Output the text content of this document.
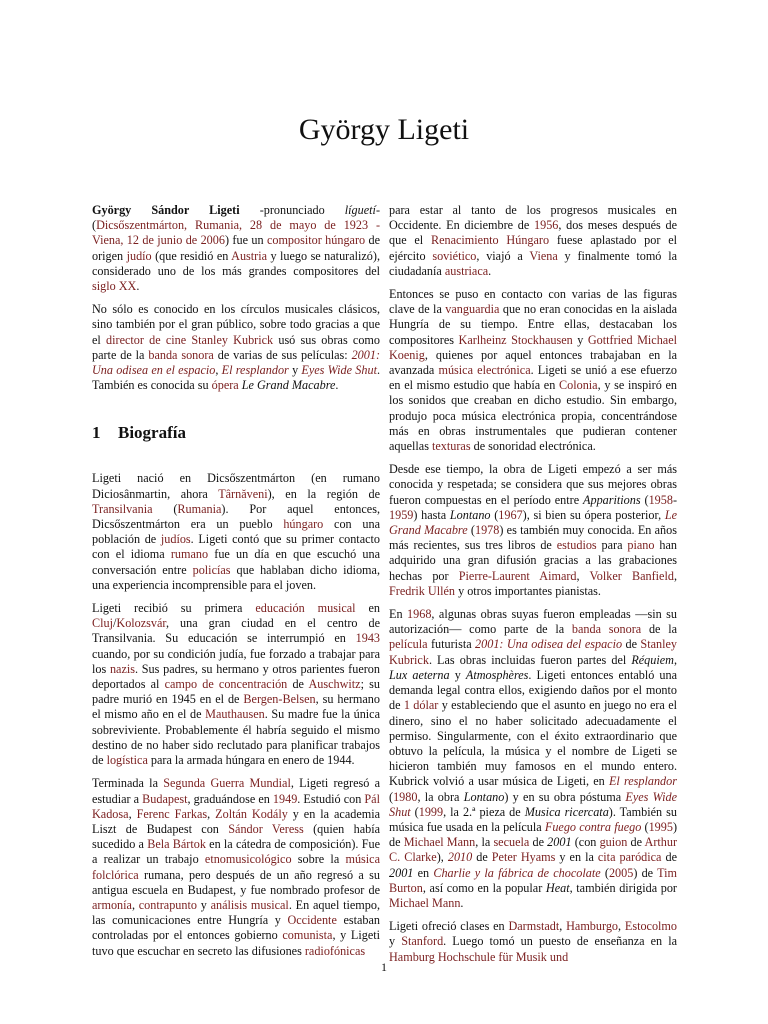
György Ligeti

György Sándor Ligeti -pronunciado líguetí- (Dicsőszentmárton, Rumania, 28 de mayo de 1923 - Viena, 12 de junio de 2006) fue un compositor húngaro de origen judío (que residió en Austria y luego se naturalizó), considerado uno de los más grandes compositores del siglo XX.

No sólo es conocido en los círculos musicales clásicos, sino también por el gran público, sobre todo gracias a que el director de cine Stanley Kubrick usó sus obras como parte de la banda sonora de varias de sus películas: 2001: Una odisea en el espacio, El resplandor y Eyes Wide Shut. También es conocida su ópera Le Grand Macabre.

1 Biografía

Ligeti nació en Dicsőszentmárton (en rumano Diciosânmartin, ahora Târnăveni), en la región de Transilvania (Rumania). Por aquel entonces, Dicsőszentmárton era un pueblo húngaro con una población de judíos. Ligeti contó que su primer contacto con el idioma rumano fue un día en que escuchó una conversación entre policías que hablaban dicho idioma, una experiencia incomprensible para el joven.

Ligeti recibió su primera educación musical en Cluj/Kolozsvár, una gran ciudad en el centro de Transilvania. Su educación se interrumpió en 1943 cuando, por su condición judía, fue forzado a trabajar para los nazis. Sus padres, su hermano y otros parientes fueron deportados al campo de concentración de Auschwitz; su padre murió en 1945 en el de Bergen-Belsen, su hermano el mismo año en el de Mauthausen. Su madre fue la única sobreviviente. Probablemente él habría seguido el mismo destino de no haber sido reclutado para planificar trabajos de logística para la armada húngara en enero de 1944.

Terminada la Segunda Guerra Mundial, Ligeti regresó a estudiar a Budapest, graduándose en 1949. Estudió con Pál Kadosa, Ferenc Farkas, Zoltán Kodály y en la academia Liszt de Budapest con Sándor Veress (quien había sucedido a Bela Bártok en la cátedra de composición). Fue a realizar un trabajo etnomusicológico sobre la música folclórica rumana, pero después de un año regresó a su antigua escuela en Budapest, y fue nombrado profesor de armonía, contrapunto y análisis musical. En aquel tiempo, las comunicaciones entre Hungría y Occidente estaban controladas por el entonces gobierno comunista, y Ligeti tuvo que escuchar en secreto las difusiones radiofónicas

para estar al tanto de los progresos musicales en Occidente. En diciembre de 1956, dos meses después de que el Renacimiento Húngaro fuese aplastado por el ejército soviético, viajó a Viena y finalmente tomó la ciudadanía austriaca.

Entonces se puso en contacto con varias de las figuras clave de la vanguardia que no eran conocidas en la aislada Hungría de su tiempo. Entre ellas, destacaban los compositores Karlheinz Stockhausen y Gottfried Michael Koenig, quienes por aquel entonces trabajaban en la avanzada música electrónica. Ligeti se unió a ese efuerzo en el mismo estudio que había en Colonia, y se inspiró en los sonidos que creaban en dicho estudio. Sin embargo, produjo poca música electrónica propia, concentrándose más en obras instrumentales que pudieran contener aquellas texturas de sonoridad electrónica.

Desde ese tiempo, la obra de Ligeti empezó a ser más conocida y respetada; se considera que sus mejores obras fueron compuestas en el período entre Apparitions (1958-1959) hasta Lontano (1967), si bien su ópera posterior, Le Grand Macabre (1978) es también muy conocida. En años más recientes, sus tres libros de estudios para piano han adquirido una gran difusión gracias a las grabaciones hechas por Pierre-Laurent Aimard, Volker Banfield, Fredrik Ullén y otros importantes pianistas.

En 1968, algunas obras suyas fueron empleadas —sin su autorización— como parte de la banda sonora de la película futurista 2001: Una odisea del espacio de Stanley Kubrick. Las obras incluidas fueron partes del Réquiem, Lux aeterna y Atmosphères. Ligeti entonces entabló una demanda legal contra ellos, exigiendo daños por el monto de 1 dólar y estableciendo que el asunto en juego no era el dinero, sino el no haber solicitado adecuadamente el permiso. Singularmente, con el éxito extraordinario que obtuvo la película, la música y el nombre de Ligeti se hicieron también muy famosos en el mundo entero. Kubrick volvió a usar música de Ligeti, en El resplandor (1980, la obra Lontano) y en su obra póstuma Eyes Wide Shut (1999, la 2.ª pieza de Musica ricercata). También su música fue usada en la película Fuego contra fuego (1995) de Michael Mann, la secuela de 2001 (con guion de Arthur C. Clarke), 2010 de Peter Hyams y en la cita paródica de 2001 en Charlie y la fábrica de chocolate (2005) de Tim Burton, así como en la popular Heat, también dirigida por Michael Mann.

Ligeti ofreció clases en Darmstadt, Hamburgo, Estocolmo y Stanford. Luego tomó un puesto de enseñanza en la Hamburg Hochschule für Musik und

1
